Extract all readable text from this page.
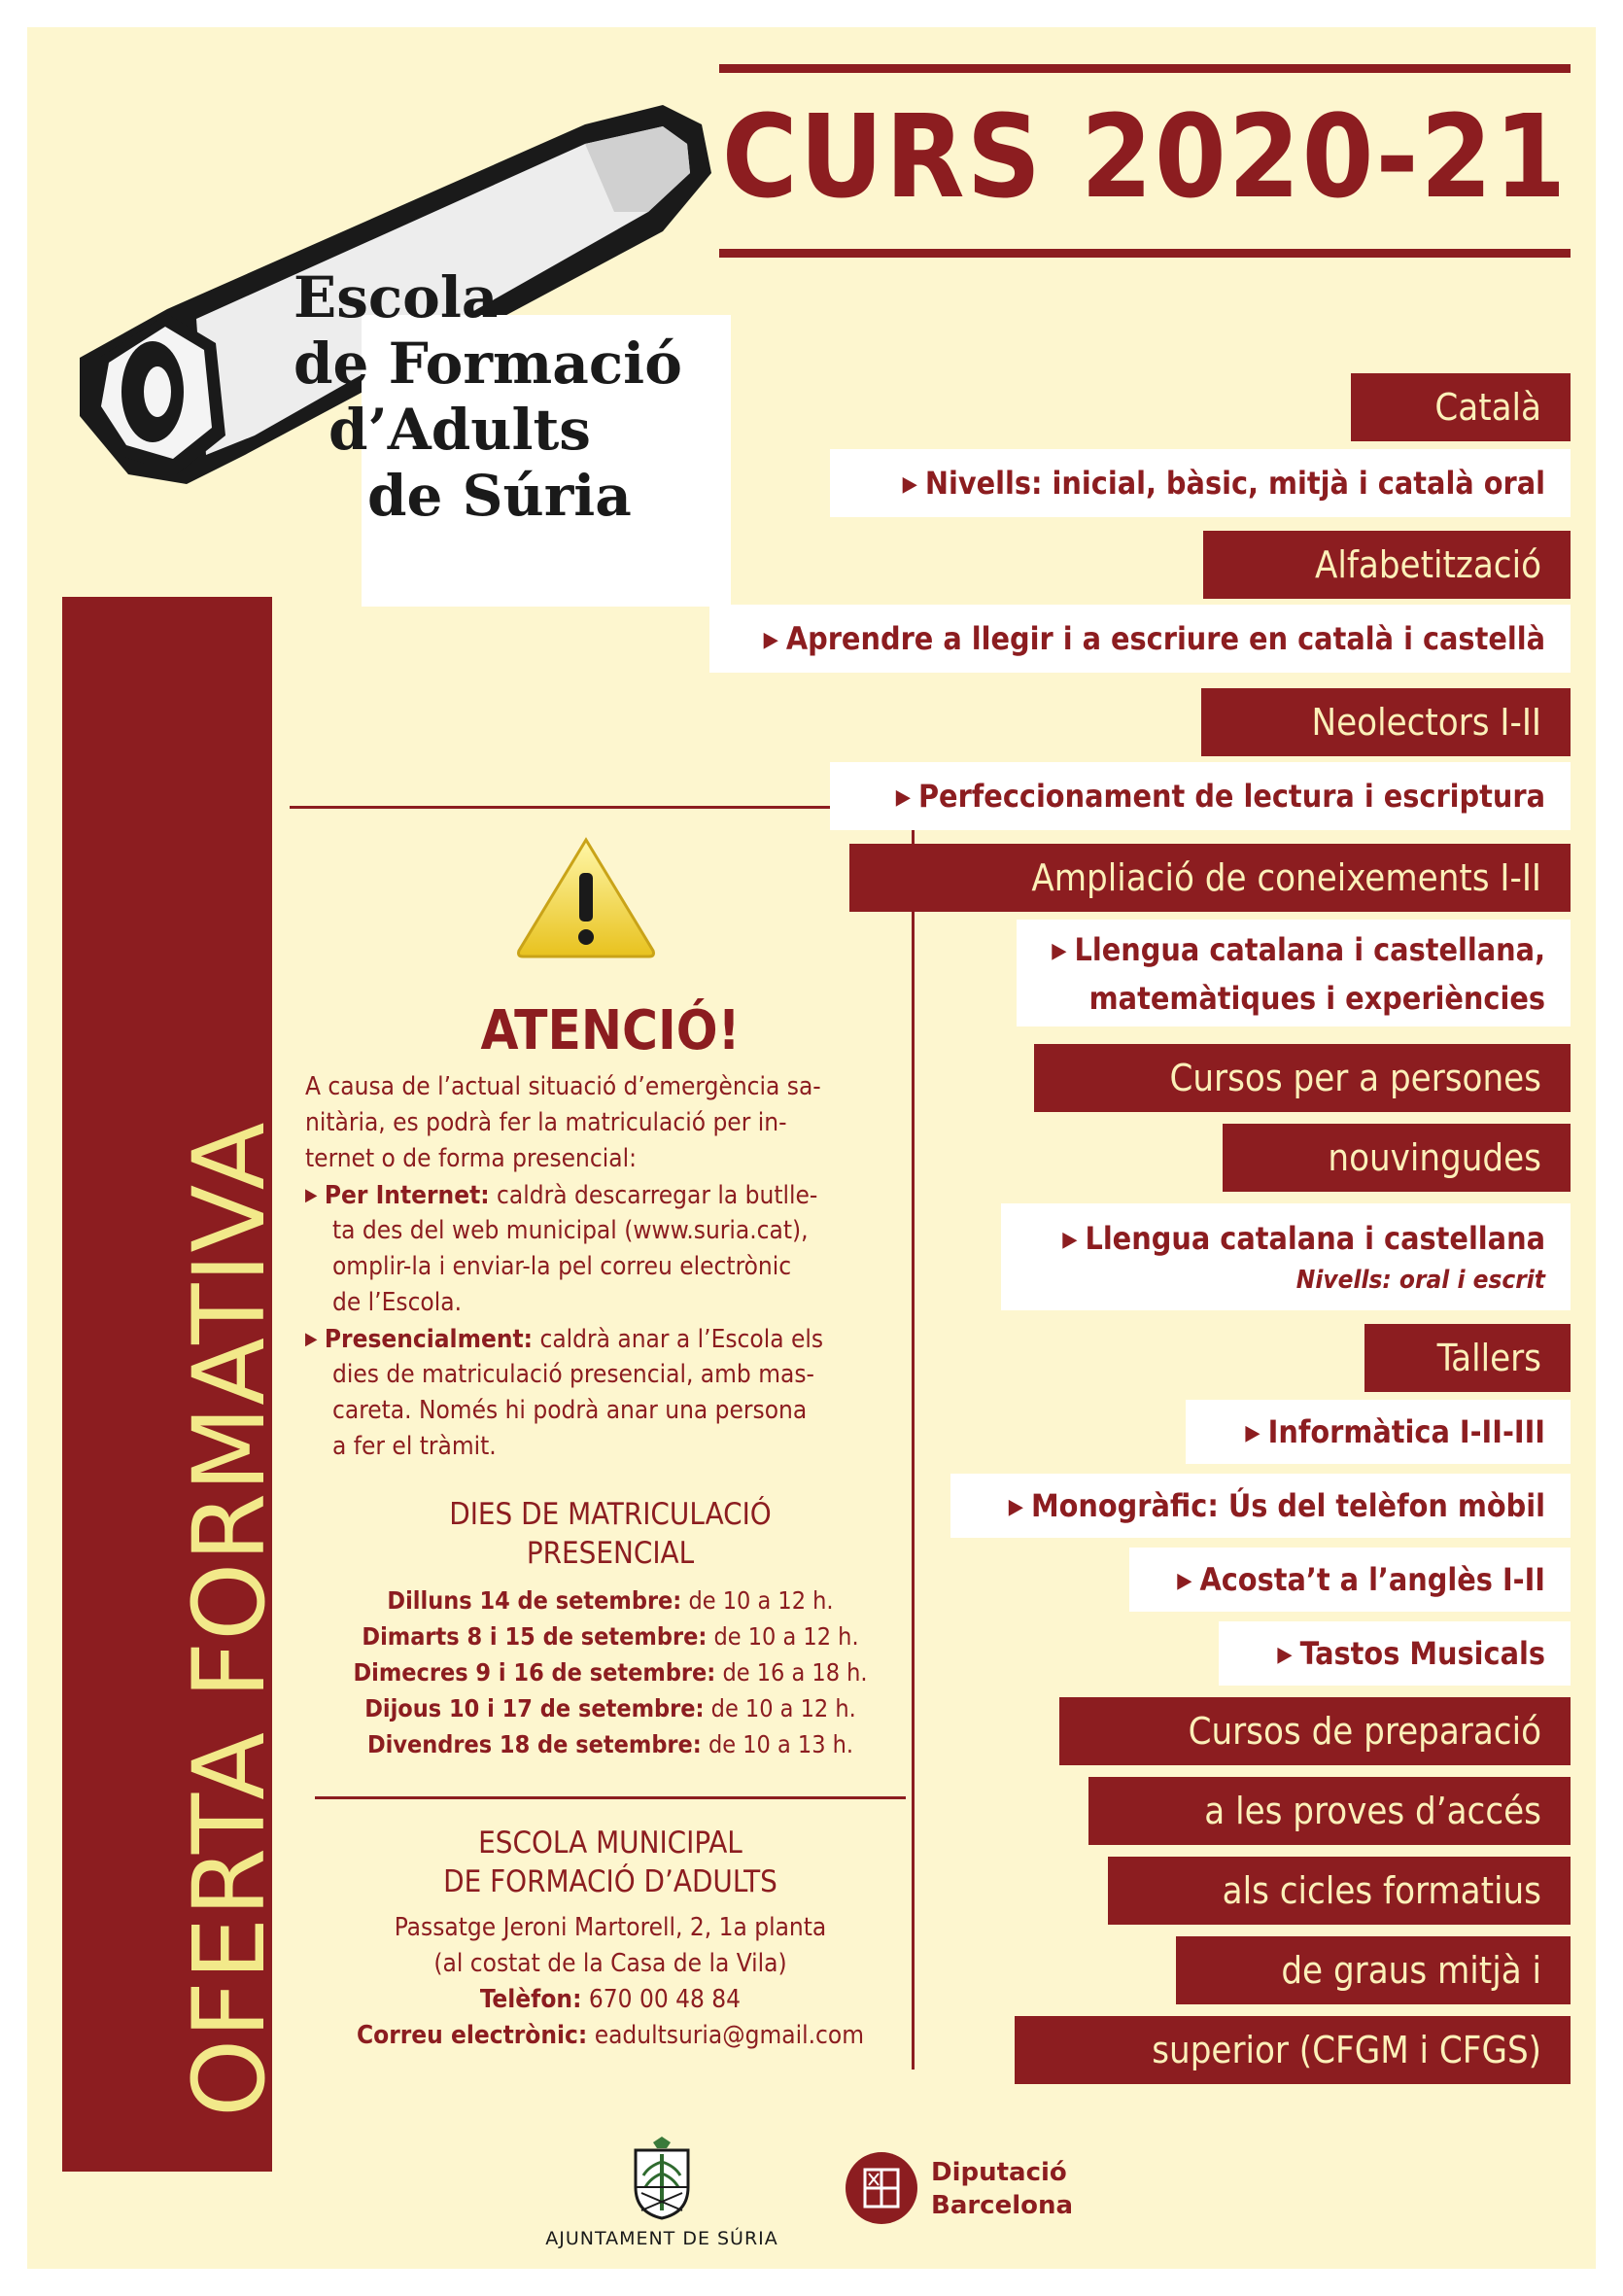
Escola
de Formació
d’Adults
de Súria
CURS 2020-21
OFERTA FORMATIVA
ATENCIÓ!
A causa de l’actual situació d’emergència sa-
nitària, es podrà fer la matriculació per in-
ternet o de forma presencial:
▶ Per Internet: caldrà descarregar la butlle-
ta des del web municipal (www.suria.cat),
omplir-la i enviar-la pel correu electrònic
de l’Escola.
▶ Presencialment: caldrà anar a l’Escola els
dies de matriculació presencial, amb mas-
careta. Només hi podrà anar una persona
a fer el tràmit.
DIES DE MATRICULACIÓ
PRESENCIAL
Dilluns 14 de setembre: de 10 a 12 h.
Dimarts 8 i 15 de setembre: de 10 a 12 h.
Dimecres 9 i 16 de setembre: de 16 a 18 h.
Dijous 10 i 17 de setembre: de 10 a 12 h.
Divendres 18 de setembre: de 10 a 13 h.
ESCOLA MUNICIPAL
DE FORMACIÓ D’ADULTS
Passatge Jeroni Martorell, 2, 1a planta
(al costat de la Casa de la Vila)
Telèfon: 670 00 48 84
Correu electrònic: eadultsuria@gmail.com
Català
▶ Nivells: inicial, bàsic, mitjà i català oral
Alfabetització
▶ Aprendre a llegir i a escriure en català i castellà
Neolectors I-II
▶ Perfeccionament de lectura i escriptura
Ampliació de coneixements I-II
▶ Llengua catalana i castellana,
matemàtiques i experiències
Cursos per a persones
nouvingudes
▶ Llengua catalana i castellana
Nivells: oral i escrit
Tallers
▶ Informàtica I-II-III
▶ Monogràfic: Ús del telèfon mòbil
▶ Acosta’t a l’anglès I-II
▶ Tastos Musicals
Cursos de preparació
a les proves d’accés
als cicles formatius
de graus mitjà i
superior (CFGM i CFGS)
AJUNTAMENT DE SÚRIA
Diputació
Barcelona
